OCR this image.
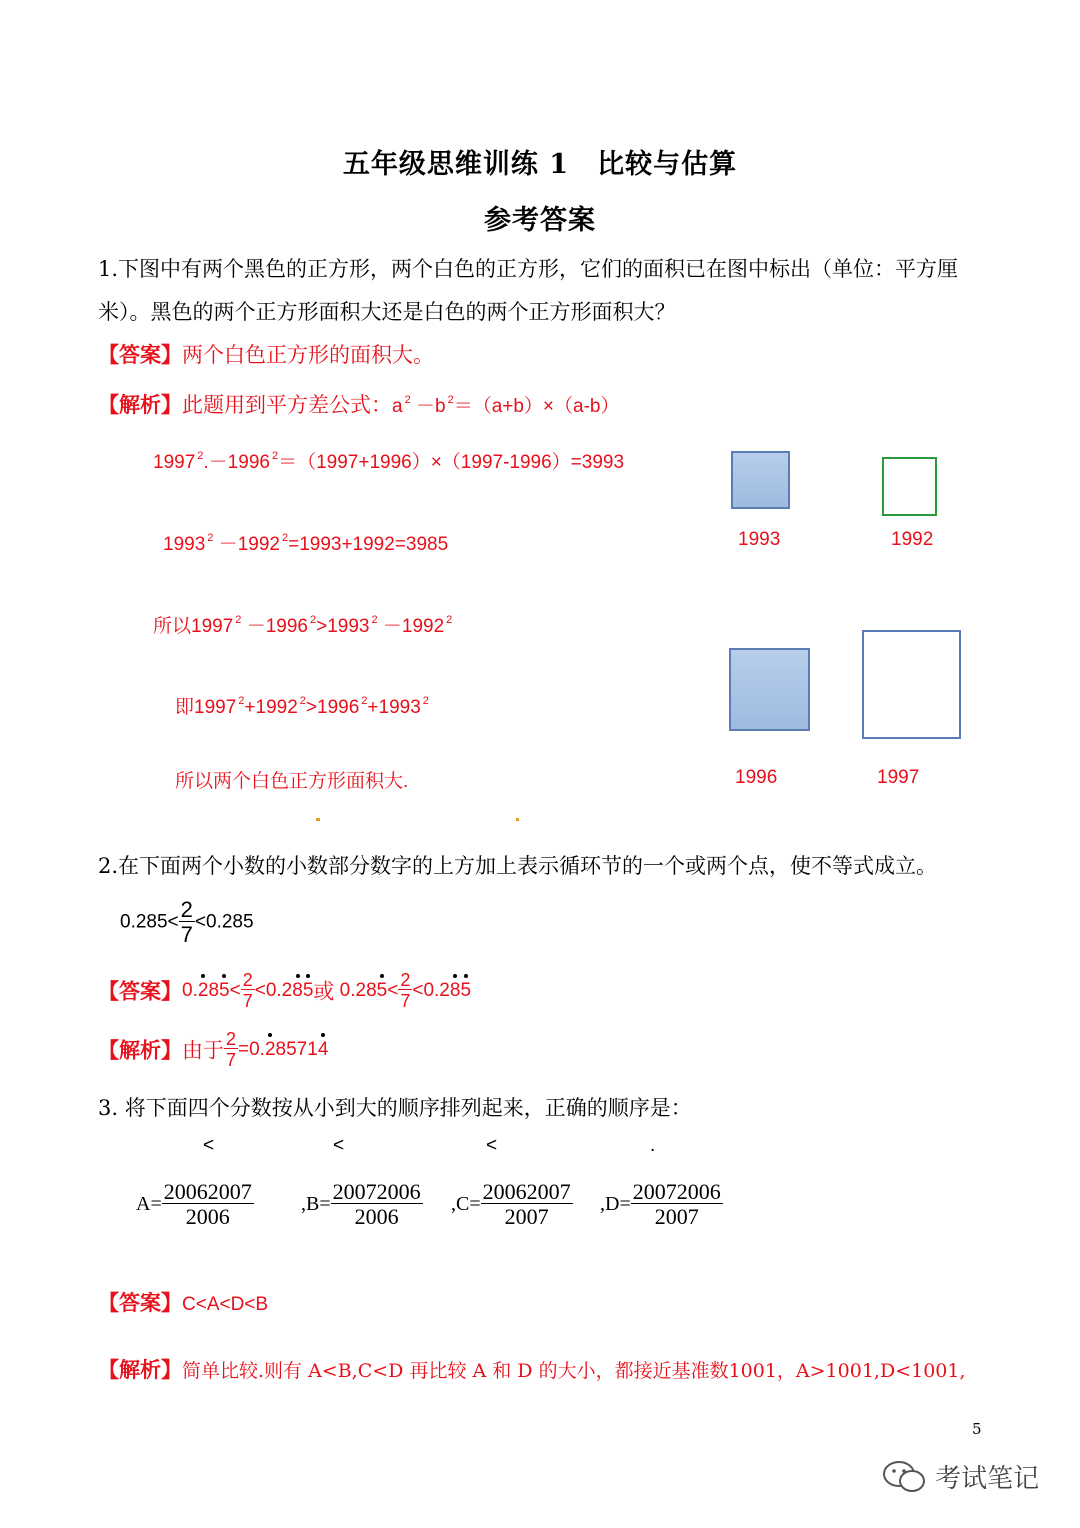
五年级思维训练 1　比较与估算
参考答案
1.下图中有两个黑色的正方形，两个白色的正方形，它们的面积已在图中标出（单位：平方厘
米）。黑色的两个正方形面积大还是白色的两个正方形面积大？
【答案】两个白色正方形的面积大。
【解析】此题用到平方差公式：a $^2$ －b $^2$＝（a+b）×（a-b）
1997 $^2$.－1996 $^2$＝（1997+1996）×（1997-1996）=3993
1993 $^2$ －1992 $^2$=1993+1992=3985
所以1997 $^2$ －1996 $^2$>1993 $^2$ －1992 $^2$
即1997 $^2$+1992 $^2$>1996 $^2$+1993 $^2$
所以两个白色正方形面积大.
1993	1992
1996	1997
2.在下面两个小数的小数部分数字的上方加上表示循环节的一个或两个点，使不等式成立。
$0.285< \frac{2}{7} <0.285$
【答案】$0.285< \frac{2}{7} <0.285$或 $0.285< \frac{2}{7} <0.285$
【解析】由于 $\frac{2}{7} =0.285714$
3. 将下面四个分数按从小到大的顺序排列起来，正确的顺序是：
<	<	<	.
$A= \frac{20062007}{2006} ,B= \frac{20072006}{2006} ,C= \frac{20062007}{2007} ,D= \frac{20072006}{2007}$
【答案】C<A<D<B
【解析】简单比较.则有 A<B,C<D 再比较 A 和 D 的大小，都接近基准数1001，A>1001,D<1001,
5
考试笔记
